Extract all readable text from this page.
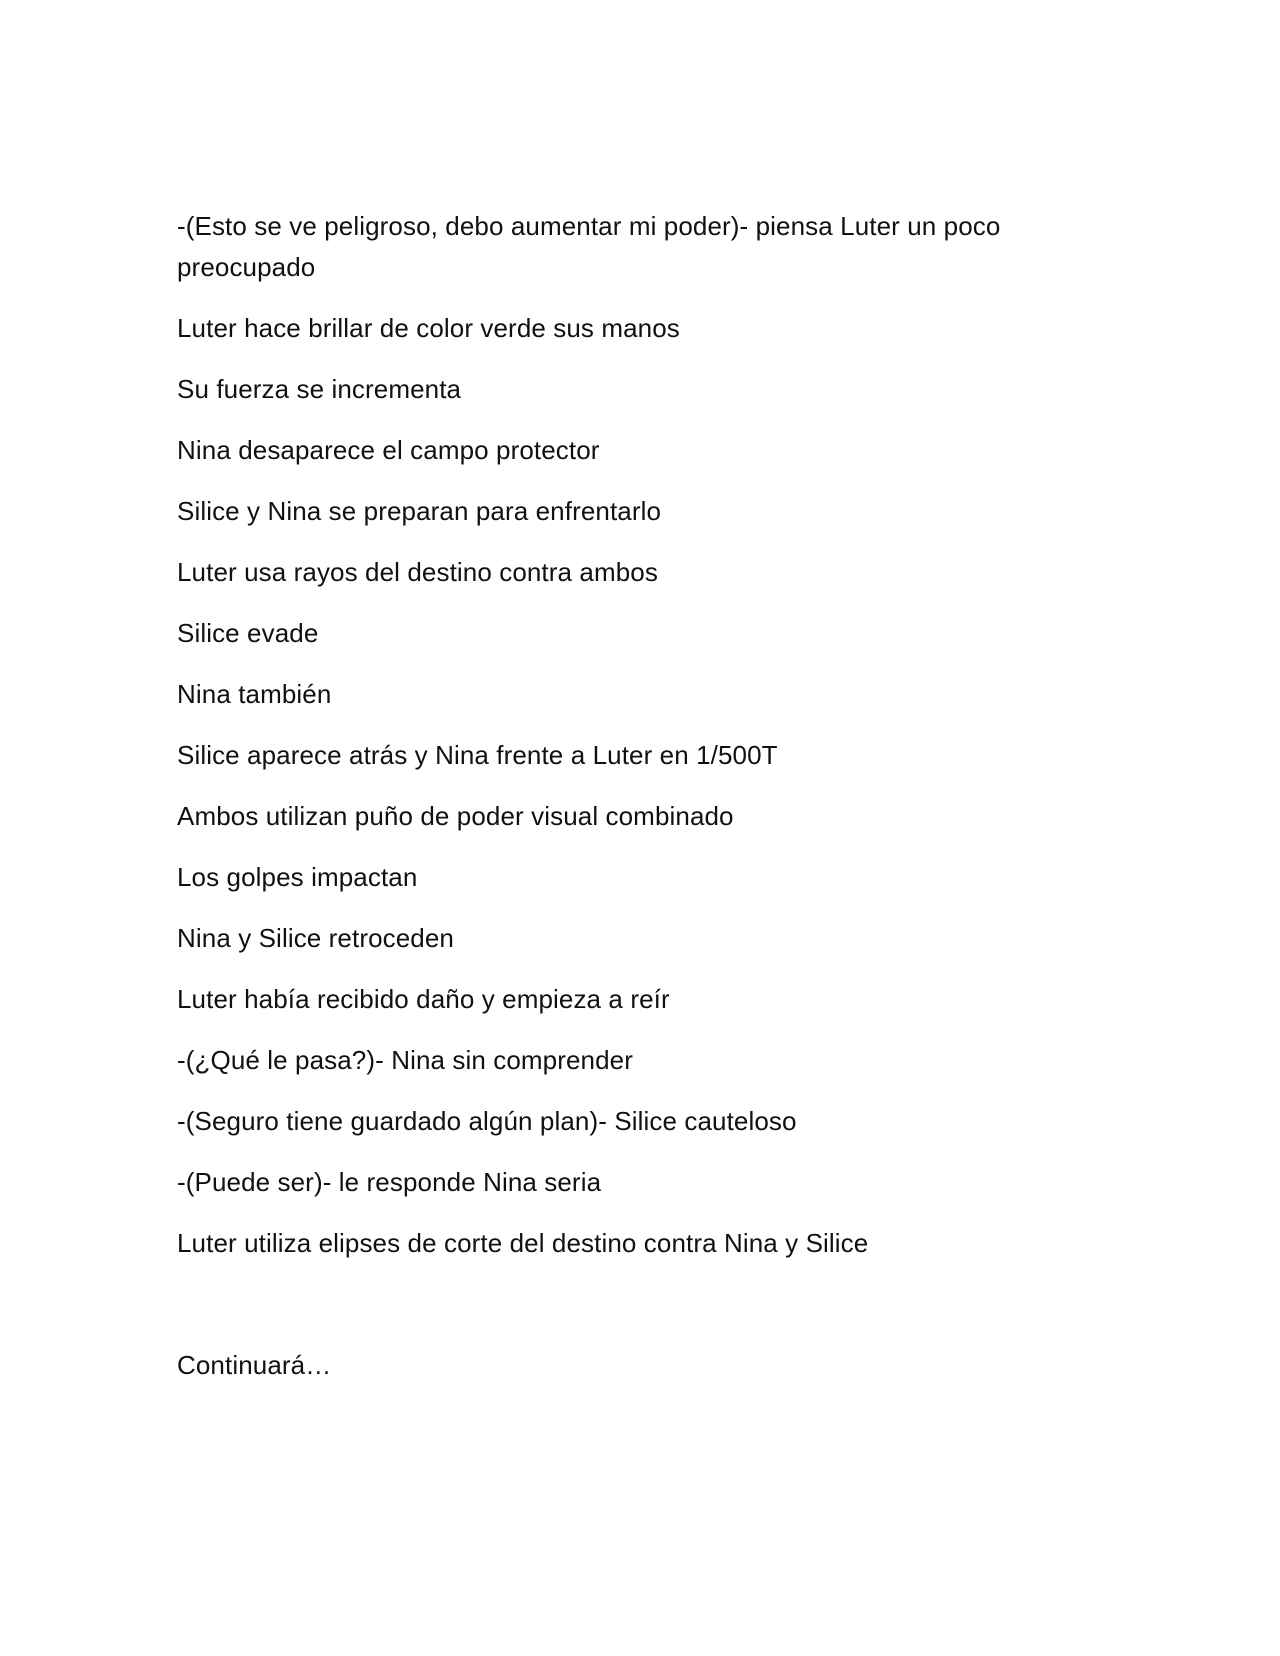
-(Esto se ve peligroso, debo aumentar mi poder)- piensa Luter un poco preocupado

Luter hace brillar de color verde sus manos

Su fuerza se incrementa

Nina desaparece el campo protector

Silice y Nina se preparan para enfrentarlo

Luter usa rayos del destino contra ambos

Silice evade

Nina también

Silice aparece atrás y Nina frente a Luter en 1/500T

Ambos utilizan puño de poder visual combinado

Los golpes impactan

Nina y Silice retroceden

Luter había recibido daño y empieza a reír

-(¿Qué le pasa?)- Nina sin comprender

-(Seguro tiene guardado algún plan)- Silice cauteloso

-(Puede ser)- le responde Nina seria

Luter utiliza elipses de corte del destino contra Nina y Silice

Continuará…
